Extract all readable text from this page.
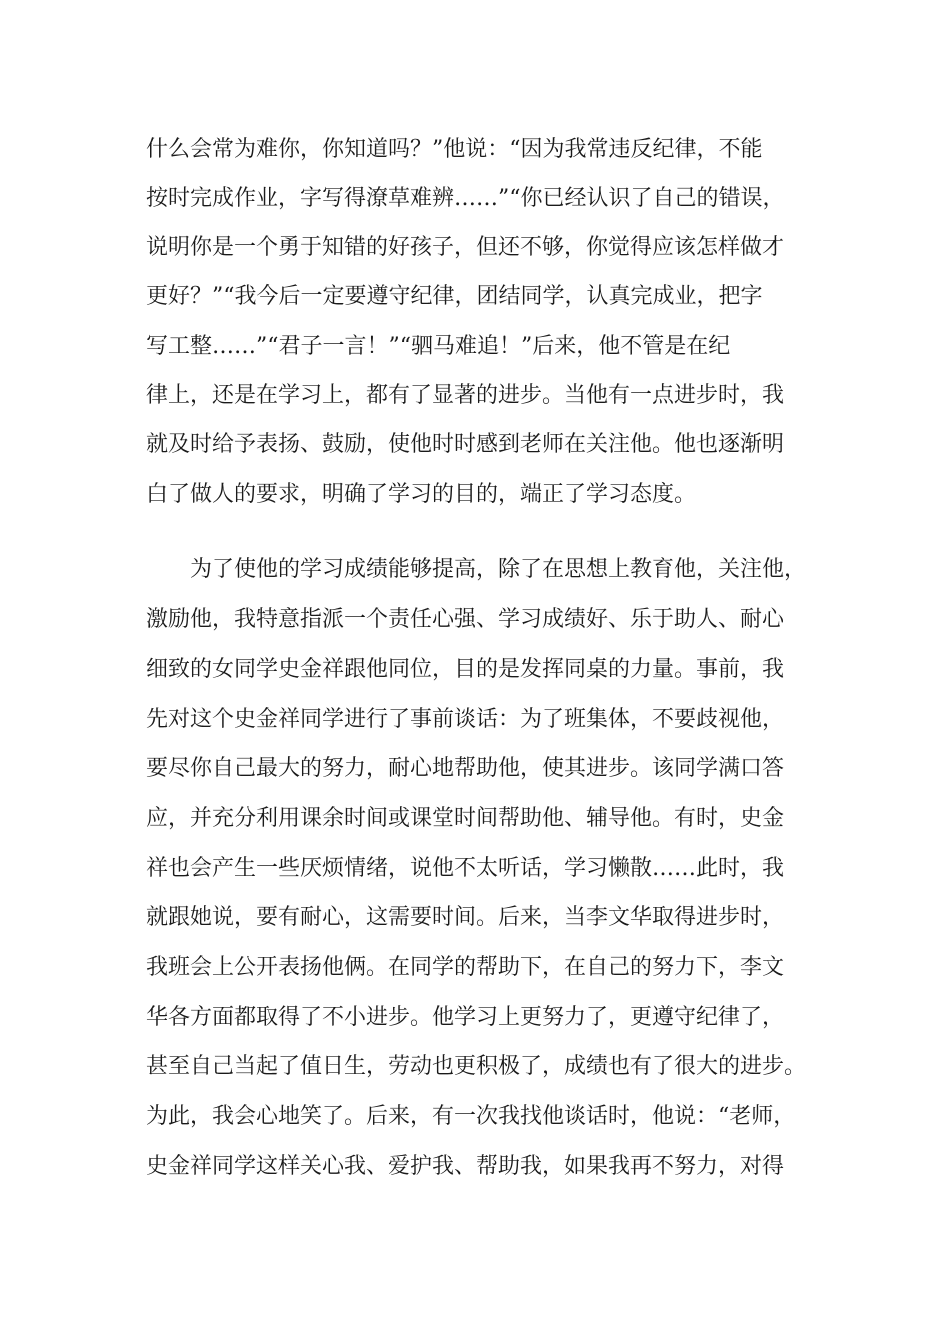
什么会常为难你，你知道吗？”他说：“因为我常违反纪律，不能
按时完成作业，字写得潦草难辨……”“你已经认识了自己的错误，
说明你是一个勇于知错的好孩子，但还不够，你觉得应该怎样做才
更好？”“我今后一定要遵守纪律，团结同学，认真完成业，把字
写工整……”“君子一言！”“驷马难追！”后来，他不管是在纪
律上，还是在学习上，都有了显著的进步。当他有一点进步时，我
就及时给予表扬、鼓励，使他时时感到老师在关注他。他也逐渐明
白了做人的要求，明确了学习的目的，端正了学习态度。
为了使他的学习成绩能够提高，除了在思想上教育他，关注他，
激励他，我特意指派一个责任心强、学习成绩好、乐于助人、耐心
细致的女同学史金祥跟他同位，目的是发挥同桌的力量。事前，我
先对这个史金祥同学进行了事前谈话：为了班集体，不要歧视他，
要尽你自己最大的努力，耐心地帮助他，使其进步。该同学满口答
应，并充分利用课余时间或课堂时间帮助他、辅导他。有时，史金
祥也会产生一些厌烦情绪，说他不太听话，学习懒散……此时，我
就跟她说，要有耐心，这需要时间。后来，当李文华取得进步时，
我班会上公开表扬他俩。在同学的帮助下，在自己的努力下，李文
华各方面都取得了不小进步。他学习上更努力了，更遵守纪律了，
甚至自己当起了值日生，劳动也更积极了，成绩也有了很大的进步。
为此，我会心地笑了。后来，有一次我找他谈话时，他说：“老师，
史金祥同学这样关心我、爱护我、帮助我，如果我再不努力，对得
